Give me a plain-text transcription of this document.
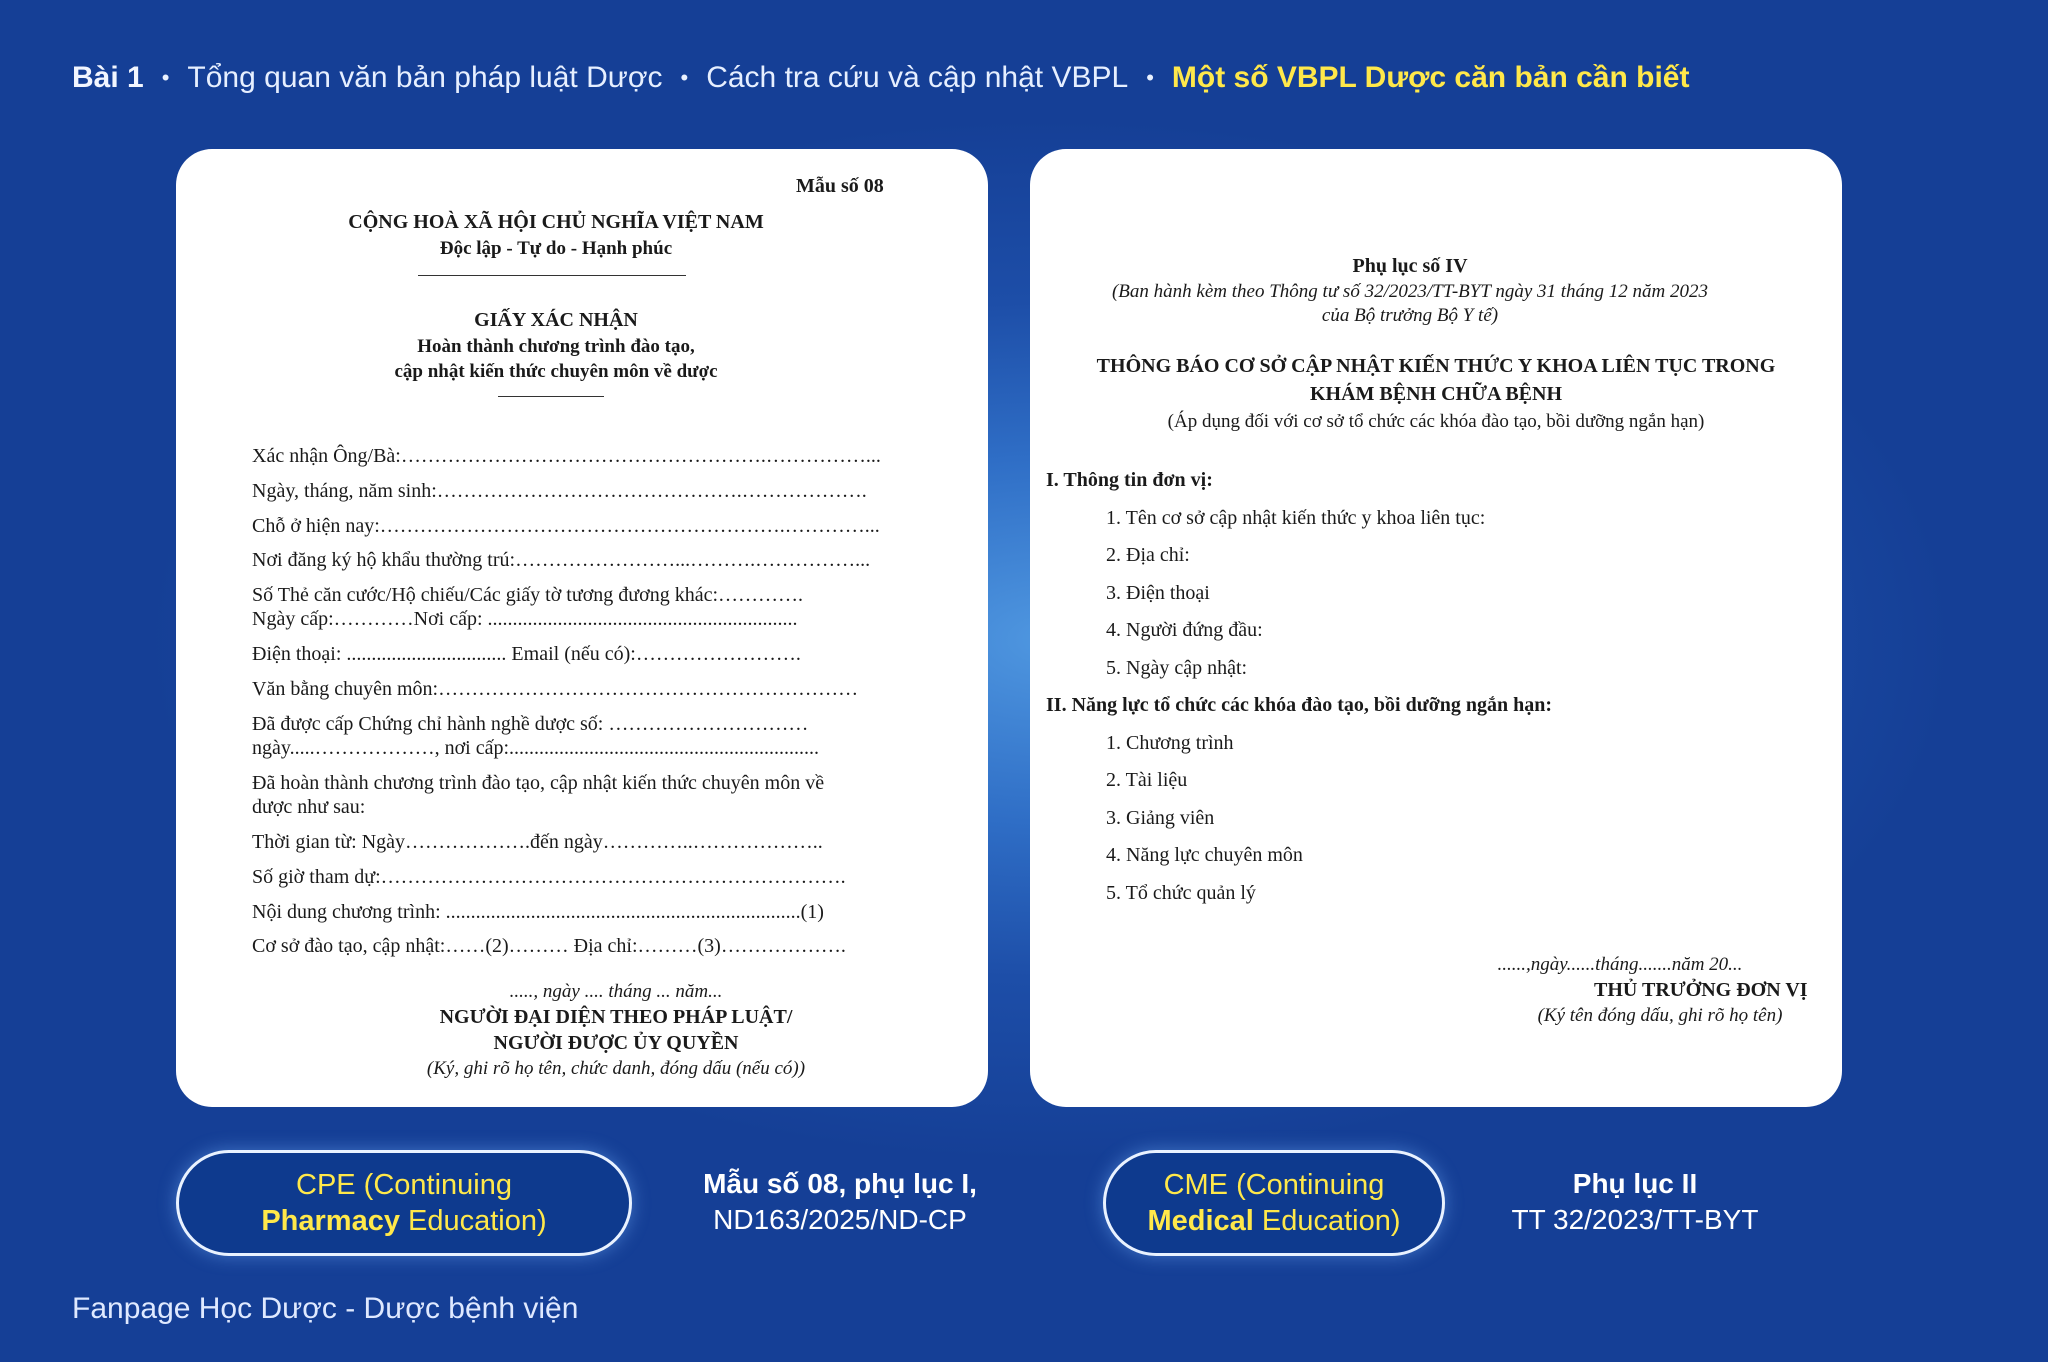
Bài 1 • Tổng quan văn bản pháp luật Dược • Cách tra cứu và cập nhật VBPL • Một số VBPL Dược căn bản cần biết
Mẫu số 08
CỘNG HOÀ XÃ HỘI CHỦ NGHĨA VIỆT NAM
Độc lập - Tự do - Hạnh phúc
GIẤY XÁC NHẬN
Hoàn thành chương trình đào tạo,
cập nhật kiến thức chuyên môn về dược
Xác nhận Ông/Bà:……………………………………………….……………...
Ngày, tháng, năm sinh:……………………………………….……………….
Chỗ ở hiện nay:…………………………………………………….…………...
Nơi đăng ký hộ khẩu thường trú:……………………...……….……………...
Số Thẻ căn cước/Hộ chiếu/Các giấy tờ tương đương khác:………….
Ngày cấp:…………Nơi cấp: ..............................................................
Điện thoại: ................................ Email (nếu có):…………………….
Văn bằng chuyên môn:………………………………………………………
Đã được cấp Chứng chỉ hành nghề dược số: …………………………
ngày.....………………, nơi cấp:..............................................................
Đã hoàn thành chương trình đào tạo, cập nhật kiến thức chuyên môn về
dược như sau:
Thời gian từ: Ngày……………….đến ngày…………..………………..
Số giờ tham dự:…………………………………………………………….
Nội dung chương trình: .......................................................................(1)
Cơ sở đào tạo, cập nhật:……(2)……… Địa chỉ:………(3)……………….
....., ngày .... tháng ... năm...
NGƯỜI ĐẠI DIỆN THEO PHÁP LUẬT/
NGƯỜI ĐƯỢC ỦY QUYỀN
(Ký, ghi rõ họ tên, chức danh, đóng dấu (nếu có))
Phụ lục số IV
(Ban hành kèm theo Thông tư số 32/2023/TT-BYT ngày 31 tháng 12 năm 2023
của Bộ trưởng Bộ Y tế)
THÔNG BÁO CƠ SỞ CẬP NHẬT KIẾN THỨC Y KHOA LIÊN TỤC TRONG
KHÁM BỆNH CHỮA BỆNH
(Áp dụng đối với cơ sở tổ chức các khóa đào tạo, bồi dưỡng ngắn hạn)
I. Thông tin đơn vị:
1. Tên cơ sở cập nhật kiến thức y khoa liên tục:
2. Địa chỉ:
3. Điện thoại
4. Người đứng đầu:
5. Ngày cập nhật:
II. Năng lực tổ chức các khóa đào tạo, bồi dưỡng ngắn hạn:
1. Chương trình
2. Tài liệu
3. Giảng viên
4. Năng lực chuyên môn
5. Tổ chức quản lý
......,ngày......tháng.......năm 20...
THỦ TRƯỞNG ĐƠN VỊ
(Ký tên đóng dấu, ghi rõ họ tên)
CPE (Continuing
Pharmacy Education)
Mẫu số 08, phụ lục I,
ND163/2025/ND-CP
CME (Continuing
Medical Education)
Phụ lục II
TT 32/2023/TT-BYT
Fanpage Học Dược - Dược bệnh viện
